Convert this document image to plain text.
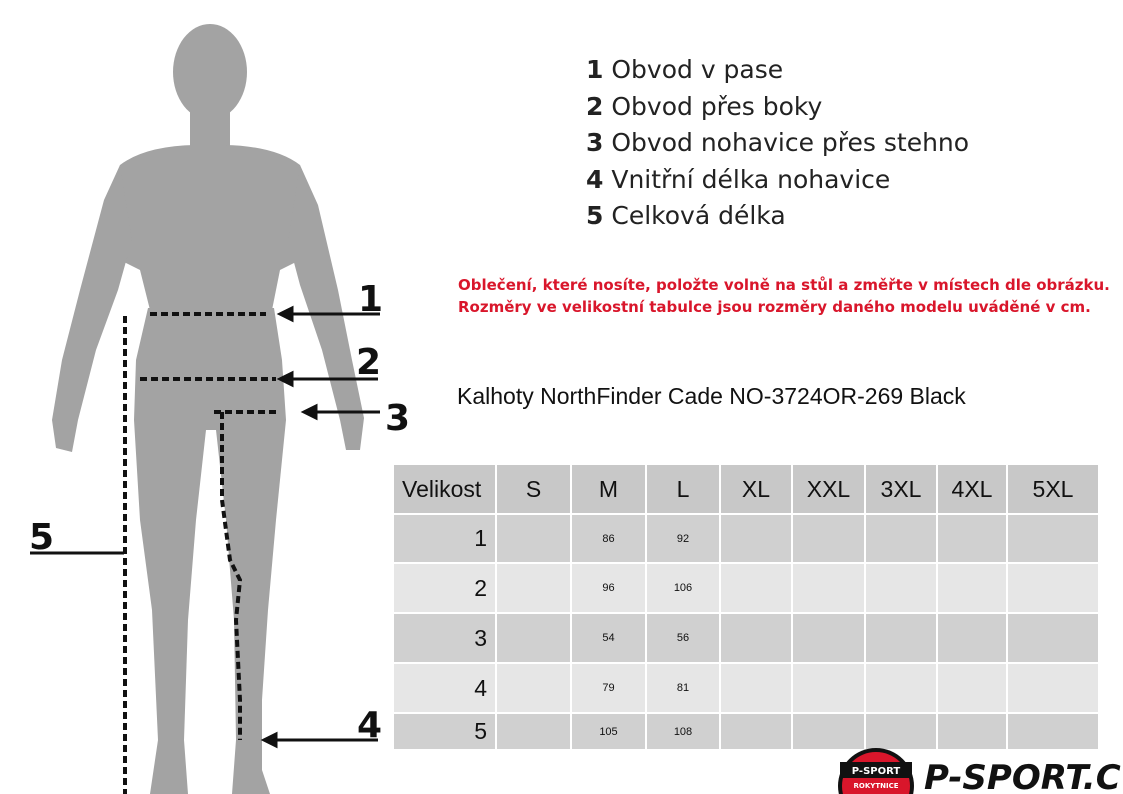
1
2
3
4
5
1 Obvod v pase
2 Obvod přes boky
3 Obvod nohavice přes stehno
4 Vnitřní délka nohavice
5 Celková délka
Oblečení, které nosíte, položte volně na stůl a změřte v místech dle obrázku.
Rozměry ve velikostní tabulce jsou rozměry daného modelu uváděné v cm.
Kalhoty NorthFinder Cade NO-3724OR-269 Black
Velikost	S	M	L	XL	XXL	3XL	4XL	5XL
1		86	92					
2		96	106					
3		54	56					
4		79	81					
5		105	108					
P-SPORT
ROKYTNICE P-SPORT.C
